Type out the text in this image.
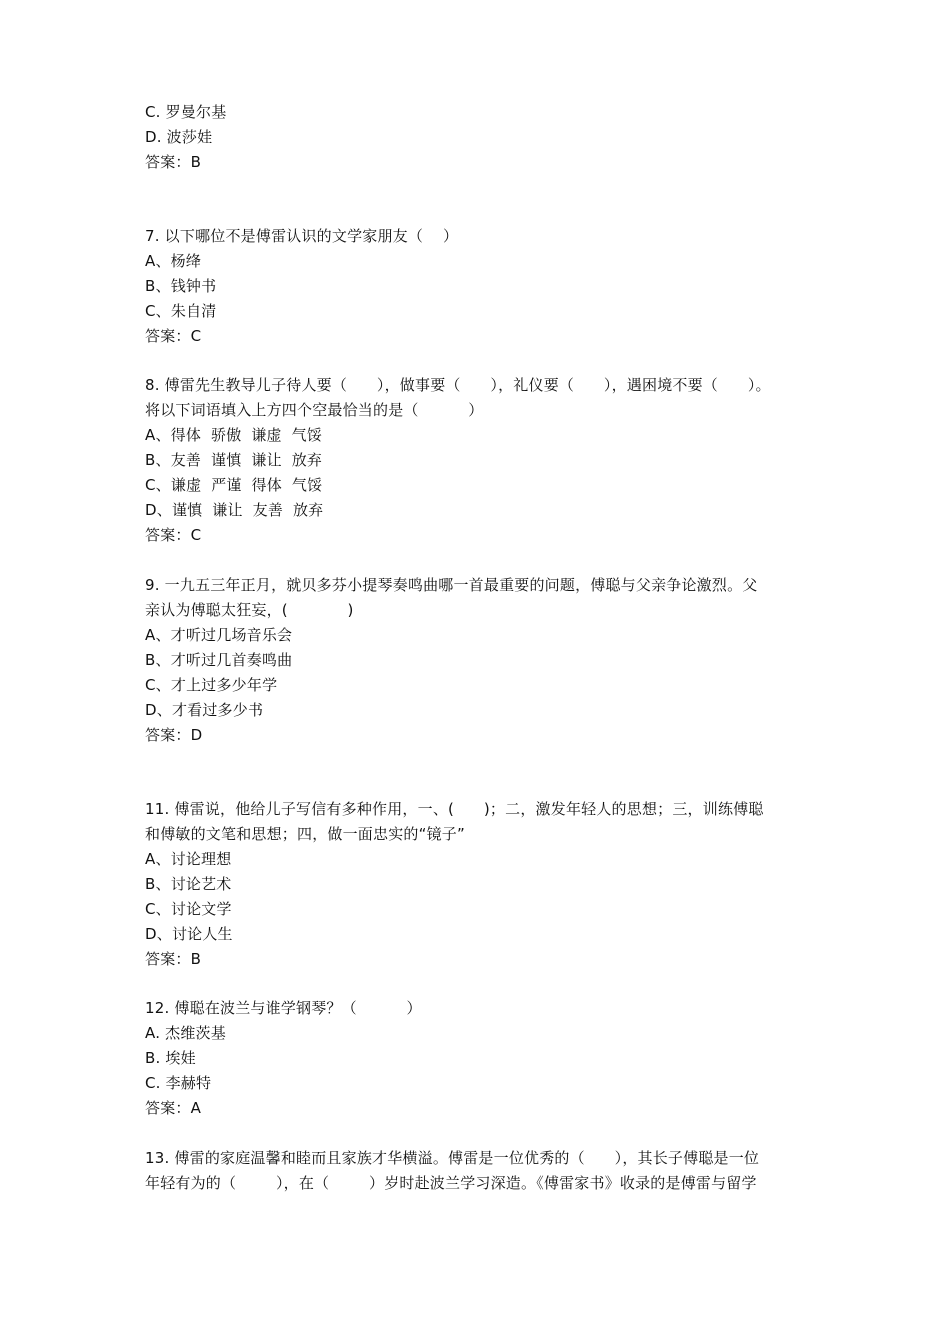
C. 罗曼尔基
D. 波莎娃
答案：B
7. 以下哪位不是傅雷认识的文学家朋友（    ）
A、杨绛
B、钱钟书
C、朱自清
答案：C
8. 傅雷先生教导儿子待人要（      ），做事要（      ），礼仪要（      ），遇困境不要（      ）。
将以下词语填入上方四个空最恰当的是（          ）
A、得体  骄傲  谦虚  气馁
B、友善  谨慎  谦让  放弃
C、谦虚  严谨  得体  气馁
D、谨慎  谦让  友善  放弃
答案：C
9. 一九五三年正月，就贝多芬小提琴奏鸣曲哪一首最重要的问题，傅聪与父亲争论激烈。父
亲认为傅聪太狂妄，(            )
A、才听过几场音乐会
B、才听过几首奏鸣曲
C、才上过多少年学
D、才看过多少书
答案：D
11. 傅雷说，他给儿子写信有多种作用，一、(      )；二，激发年轻人的思想；三，训练傅聪
和傅敏的文笔和思想；四，做一面忠实的“镜子”
A、讨论理想
B、讨论艺术
C、讨论文学
D、讨论人生
答案：B
12. 傅聪在波兰与谁学钢琴？（          ）
A. 杰维茨基
B. 埃娃
C. 李赫特
答案：A
13. 傅雷的家庭温馨和睦而且家族才华横溢。傅雷是一位优秀的（      ），其长子傅聪是一位
年轻有为的（        ），在（        ）岁时赴波兰学习深造。《傅雷家书》收录的是傅雷与留学
